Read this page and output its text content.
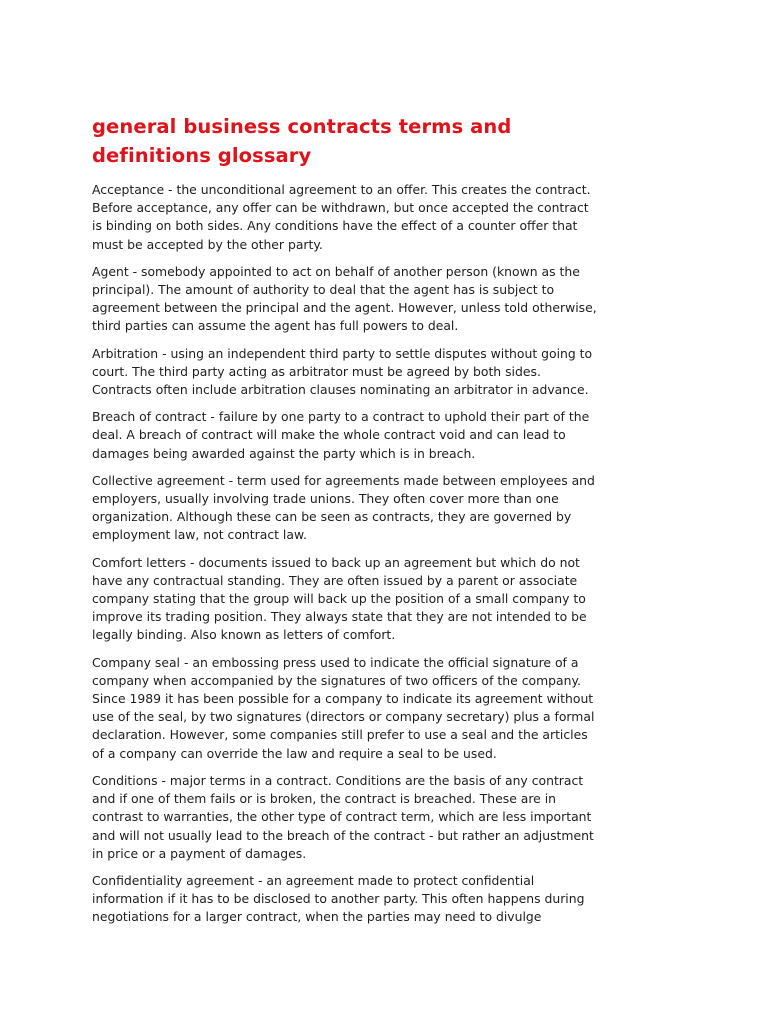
general business contracts terms and
definitions glossary

Acceptance - the unconditional agreement to an offer. This creates the contract.
Before acceptance, any offer can be withdrawn, but once accepted the contract
is binding on both sides. Any conditions have the effect of a counter offer that
must be accepted by the other party.

Agent - somebody appointed to act on behalf of another person (known as the
principal). The amount of authority to deal that the agent has is subject to
agreement between the principal and the agent. However, unless told otherwise,
third parties can assume the agent has full powers to deal.

Arbitration - using an independent third party to settle disputes without going to
court. The third party acting as arbitrator must be agreed by both sides.
Contracts often include arbitration clauses nominating an arbitrator in advance.

Breach of contract - failure by one party to a contract to uphold their part of the
deal. A breach of contract will make the whole contract void and can lead to
damages being awarded against the party which is in breach.

Collective agreement - term used for agreements made between employees and
employers, usually involving trade unions. They often cover more than one
organization. Although these can be seen as contracts, they are governed by
employment law, not contract law.

Comfort letters - documents issued to back up an agreement but which do not
have any contractual standing. They are often issued by a parent or associate
company stating that the group will back up the position of a small company to
improve its trading position. They always state that they are not intended to be
legally binding. Also known as letters of comfort.

Company seal - an embossing press used to indicate the official signature of a
company when accompanied by the signatures of two officers of the company.
Since 1989 it has been possible for a company to indicate its agreement without
use of the seal, by two signatures (directors or company secretary) plus a formal
declaration. However, some companies still prefer to use a seal and the articles
of a company can override the law and require a seal to be used.

Conditions - major terms in a contract. Conditions are the basis of any contract
and if one of them fails or is broken, the contract is breached. These are in
contrast to warranties, the other type of contract term, which are less important
and will not usually lead to the breach of the contract - but rather an adjustment
in price or a payment of damages.

Confidentiality agreement - an agreement made to protect confidential
information if it has to be disclosed to another party. This often happens during
negotiations for a larger contract, when the parties may need to divulge
